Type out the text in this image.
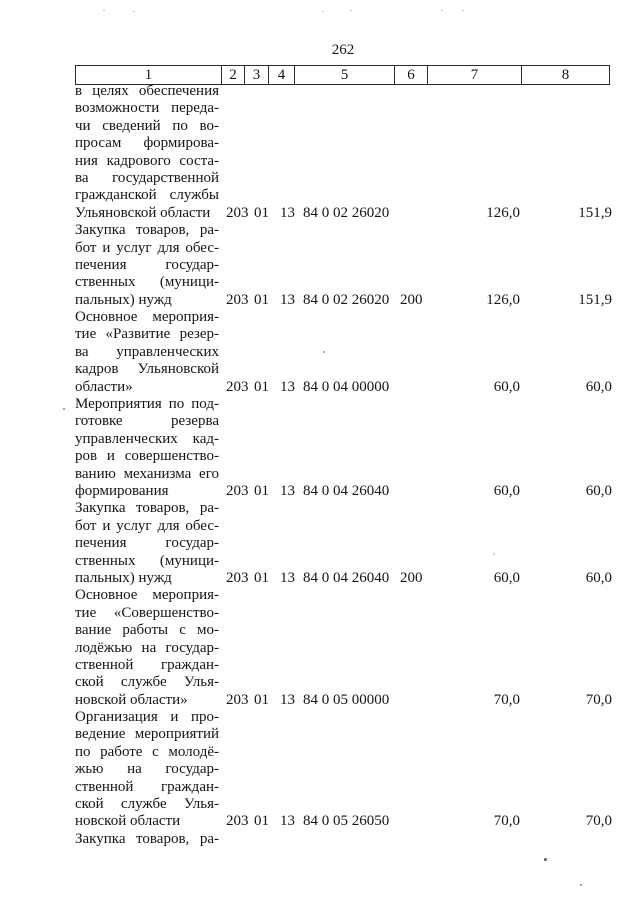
262
1	2	3	4	5	6	7	8
в целях обеспечения
возможности переда-
чи сведений по во-
просам формирова-
ния кадрового соста-
ва государственной
гражданской службы
Ульяновской области	203 01 13 84 0 02 26020	126,0	151,9
Закупка товаров, ра-
бот и услуг для обес-
печения государ-
ственных (муници-
пальных) нужд	203 01 13 84 0 02 26020 200	126,0	151,9
Основное мероприя-
тие «Развитие резер-
ва управленческих
кадров Ульяновской
области»	203 01 13 84 0 04 00000	60,0	60,0
Мероприятия по под-
готовке резерва
управленческих кад-
ров и совершенство-
ванию механизма его
формирования	203 01 13 84 0 04 26040	60,0	60,0
Закупка товаров, ра-
бот и услуг для обес-
печения государ-
ственных (муници-
пальных) нужд	203 01 13 84 0 04 26040 200	60,0	60,0
Основное мероприя-
тие «Совершенство-
вание работы с мо-
лодёжью на государ-
ственной граждан-
ской службе Улья-
новской области»	203 01 13 84 0 05 00000	70,0	70,0
Организация и про-
ведение мероприятий
по работе с молодё-
жью на государ-
ственной граждан-
ской службе Улья-
новской области	203 01 13 84 0 05 26050	70,0	70,0
Закупка товаров, ра-
